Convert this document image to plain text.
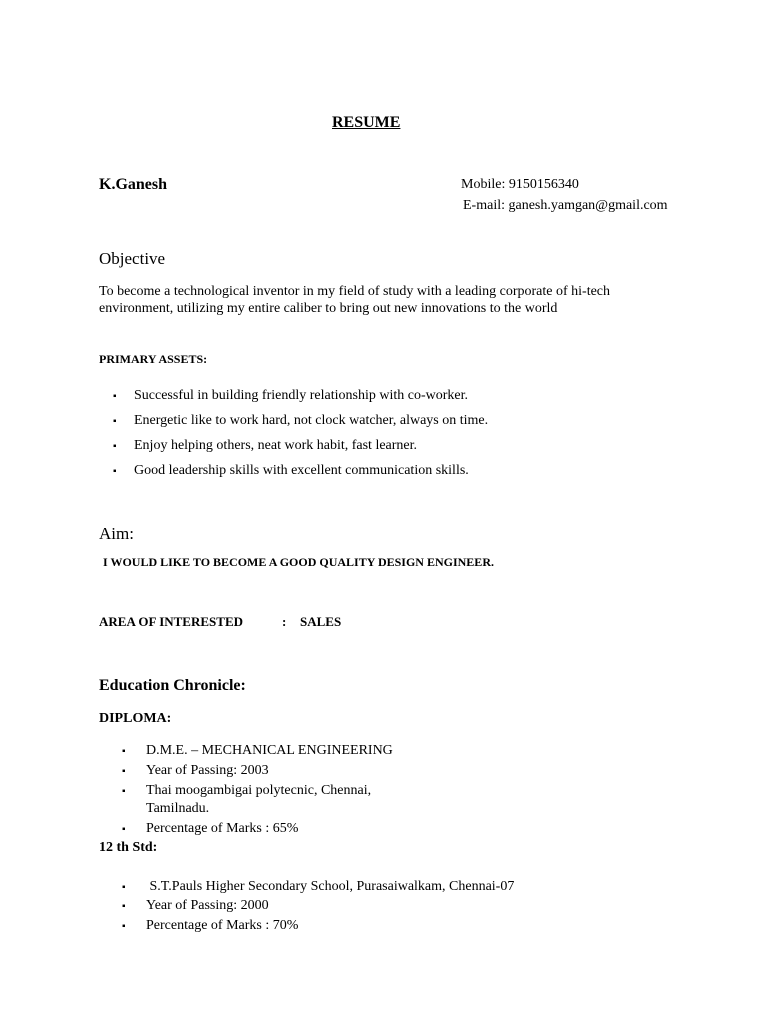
RESUME
K.Ganesh	Mobile: 9150156340
E-mail: ganesh.yamgan@gmail.com
Objective
To become a technological inventor in my field of study with a leading corporate of hi-tech
environment, utilizing my entire caliber to bring out new innovations to the world
PRIMARY ASSETS:
▪ Successful in building friendly relationship with co-worker.
▪ Energetic like to work hard, not clock watcher, always on time.
▪ Enjoy helping others, neat work habit, fast learner.
▪ Good leadership skills with excellent communication skills.
Aim:
I WOULD LIKE TO BECOME A GOOD QUALITY DESIGN ENGINEER.
AREA OF INTERESTED	: SALES
Education Chronicle:
DIPLOMA:
▪ D.M.E. – MECHANICAL ENGINEERING
▪ Year of Passing: 2003
▪ Thai moogambigai polytecnic, Chennai,
Tamilnadu.
▪ Percentage of Marks : 65%
12 th Std:
▪ S.T.Pauls Higher Secondary School, Purasaiwalkam, Chennai-07
▪ Year of Passing: 2000
▪ Percentage of Marks : 70%
